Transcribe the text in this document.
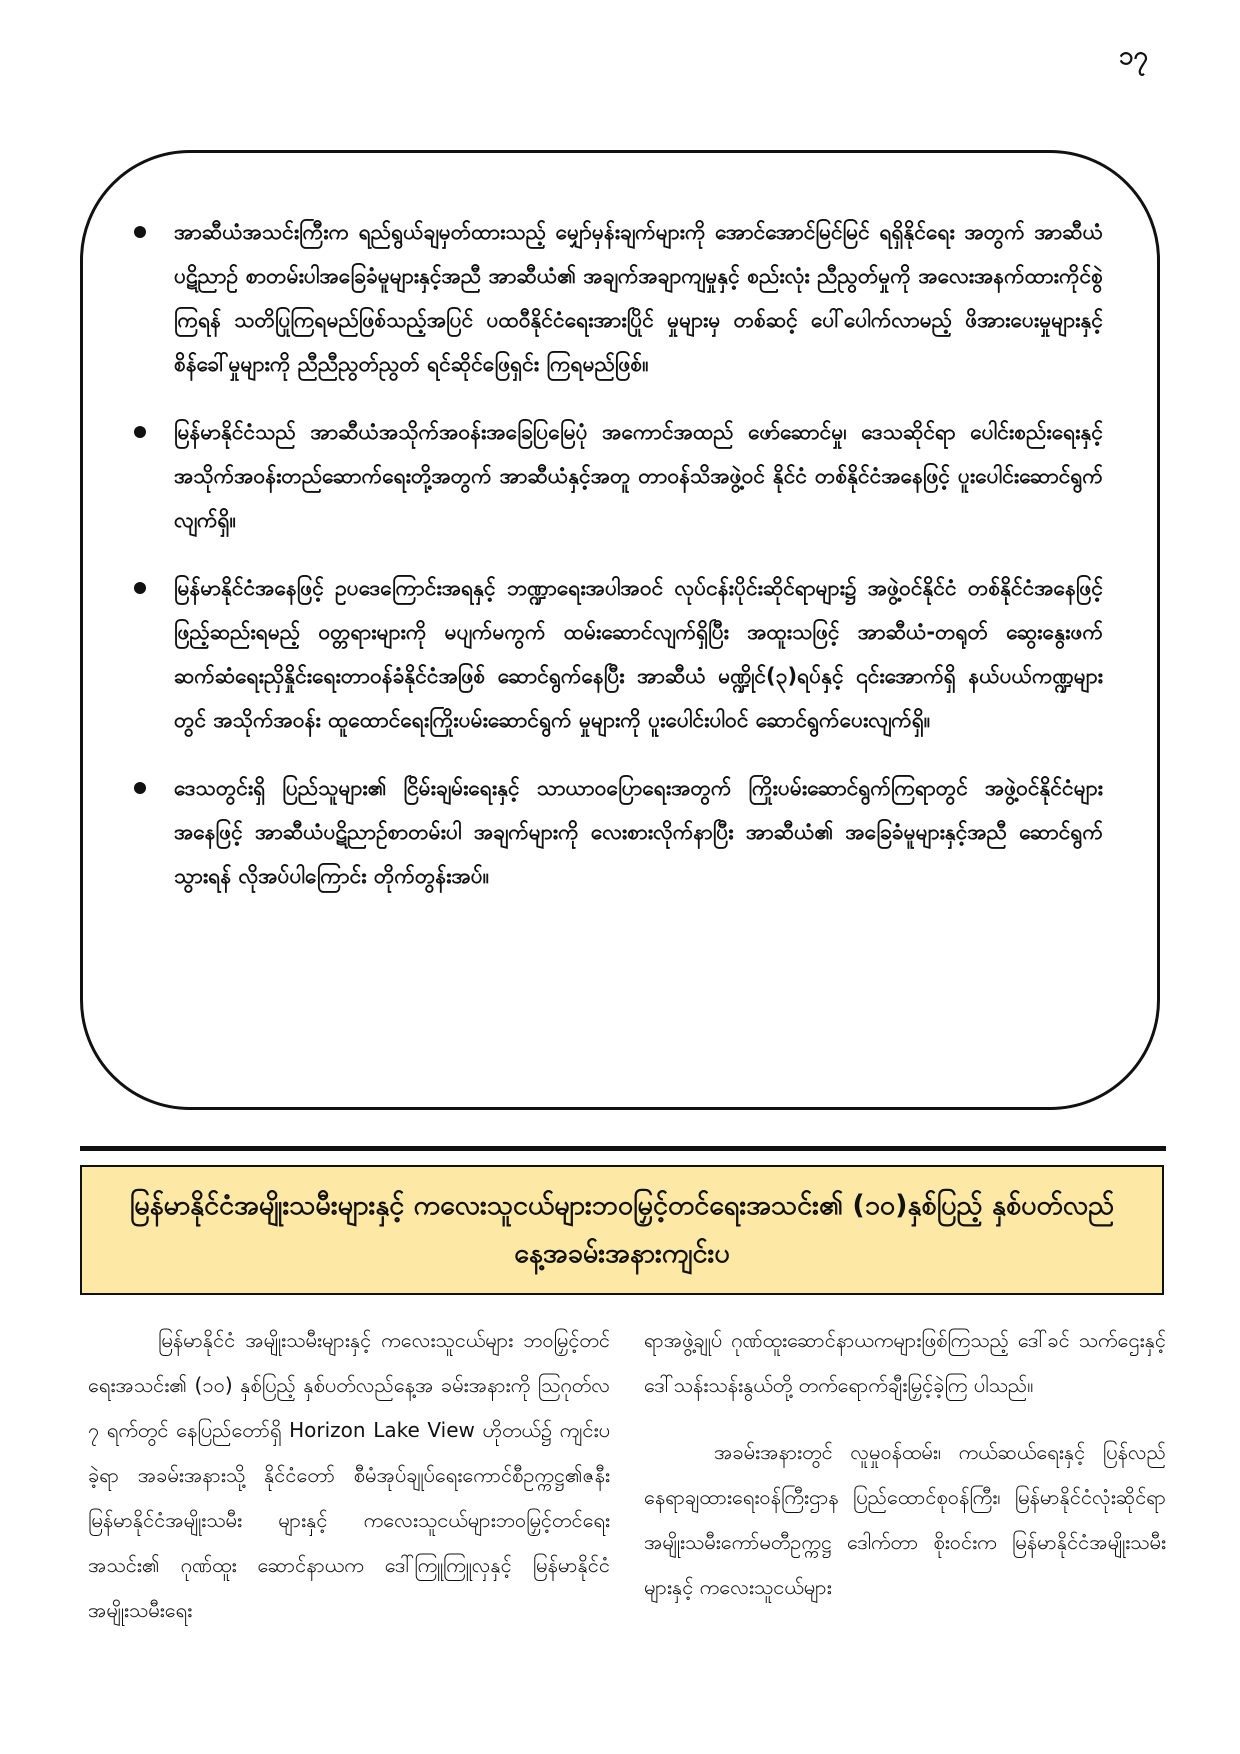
၁၇
အာဆီယံအသင်းကြီးက ရည်ရွယ်ချမှတ်ထားသည့် မျှော်မှန်းချက်များကို အောင်အောင်မြင်မြင် ရရှိနိုင်ရေး အတွက် အာဆီယံပဋိညာဉ် စာတမ်းပါအခြေခံမူများနှင့်အညီ အာဆီယံ၏ အချက်အချာကျမှုနှင့် စည်းလုံး ညီညွတ်မှုကို အလေးအနက်ထားကိုင်စွဲကြရန် သတိပြုကြရမည်ဖြစ်သည့်အပြင် ပထဝီနိုင်ငံရေးအားပြိုင် မှုများမှ တစ်ဆင့် ပေါ်ပေါက်လာမည့် ဖိအားပေးမှုများနှင့် စိန်ခေါ်မှုများကို ညီညီညွတ်ညွတ် ရင်ဆိုင်ဖြေရှင်း ကြရမည်ဖြစ်။
မြန်မာနိုင်ငံသည် အာဆီယံအသိုက်အဝန်းအခြေပြမြေပုံ အကောင်အထည် ဖော်ဆောင်မှု၊ ဒေသဆိုင်ရာ ပေါင်းစည်းရေးနှင့် အသိုက်အဝန်းတည်ဆောက်ရေးတို့အတွက် အာဆီယံနှင့်အတူ တာဝန်သိအဖွဲ့ဝင် နိုင်ငံ တစ်နိုင်ငံအနေဖြင့် ပူးပေါင်းဆောင်ရွက်လျက်ရှိ။
မြန်မာနိုင်ငံအနေဖြင့် ဥပဒေကြောင်းအရနှင့် ဘဏ္ဍာရေးအပါအဝင် လုပ်ငန်းပိုင်းဆိုင်ရာများ၌ အဖွဲ့ဝင်နိုင်ငံ တစ်နိုင်ငံအနေဖြင့် ဖြည့်ဆည်းရမည့် ဝတ္တရားများကို မပျက်မကွက် ထမ်းဆောင်လျက်ရှိပြီး အထူးသဖြင့် အာဆီယံ-တရုတ် ဆွေးနွေးဖက် ဆက်ဆံရေးညှိနှိုင်းရေးတာဝန်ခံနိုင်ငံအဖြစ် ဆောင်ရွက်နေပြီး အာဆီယံ မဏ္ဍိုင်(၃)ရပ်နှင့် ၎င်းအောက်ရှိ နယ်ပယ်ကဏ္ဍများတွင် အသိုက်အဝန်း ထူထောင်ရေးကြိုးပမ်းဆောင်ရွက် မှုများကို ပူးပေါင်းပါဝင် ဆောင်ရွက်ပေးလျက်ရှိ။
ဒေသတွင်းရှိ ပြည်သူများ၏ ငြိမ်းချမ်းရေးနှင့် သာယာဝပြောရေးအတွက် ကြိုးပမ်းဆောင်ရွက်ကြရာတွင် အဖွဲ့ဝင်နိုင်ငံများအနေဖြင့် အာဆီယံပဋိညာဉ်စာတမ်းပါ အချက်များကို လေးစားလိုက်နာပြီး အာဆီယံ၏ အခြေခံမူများနှင့်အညီ ဆောင်ရွက်သွားရန် လိုအပ်ပါကြောင်း တိုက်တွန်းအပ်။
မြန်မာနိုင်ငံအမျိုးသမီးများနှင့် ကလေးသူငယ်များဘဝမြှင့်တင်ရေးအသင်း၏ (၁၀)နှစ်ပြည့် နှစ်ပတ်လည်နေ့အခမ်းအနားကျင်းပ

မြန်မာနိုင်ငံ အမျိုးသမီးများနှင့် ကလေးသူငယ်များ ဘဝမြှင့်တင်ရေးအသင်း၏ (၁၀) နှစ်ပြည့် နှစ်ပတ်လည်နေ့အ ခမ်းအနားကို ဩဂုတ်လ ၇ ရက်တွင် နေပြည်တော်ရှိ Horizon Lake View ဟိုတယ်၌ ကျင်းပခဲ့ရာ အခမ်းအနားသို့ နိုင်ငံတော် စီမံအုပ်ချုပ်ရေးကောင်စီဥက္ကဋ္ဌ၏ဇနီး မြန်မာနိုင်ငံအမျိုးသမီး များနှင့် ကလေးသူငယ်များဘဝမြှင့်တင်ရေးအသင်း၏ ဂုဏ်ထူး ဆောင်နာယက ဒေါ်ကြူကြူလှနှင့် မြန်မာနိုင်ငံအမျိုးသမီးရေး

ရာအဖွဲ့ချုပ် ဂုဏ်ထူးဆောင်နာယကများဖြစ်ကြသည့် ဒေါ်ခင် သက်ဌေးနှင့် ဒေါ်သန်းသန်းနွယ်တို့ တက်ရောက်ချီးမြှင့်ခဲ့ကြ ပါသည်။

အခမ်းအနားတွင် လူမှုဝန်ထမ်း၊ ကယ်ဆယ်ရေးနှင့် ပြန်လည်နေရာချထားရေးဝန်ကြီးဌာန ပြည်ထောင်စုဝန်ကြီး၊ မြန်မာနိုင်ငံလုံးဆိုင်ရာ အမျိုးသမီးကော်မတီဥက္ကဋ္ဌ ဒေါက်တာ စိုးဝင်းက မြန်မာနိုင်ငံအမျိုးသမီးများနှင့် ကလေးသူငယ်များ
